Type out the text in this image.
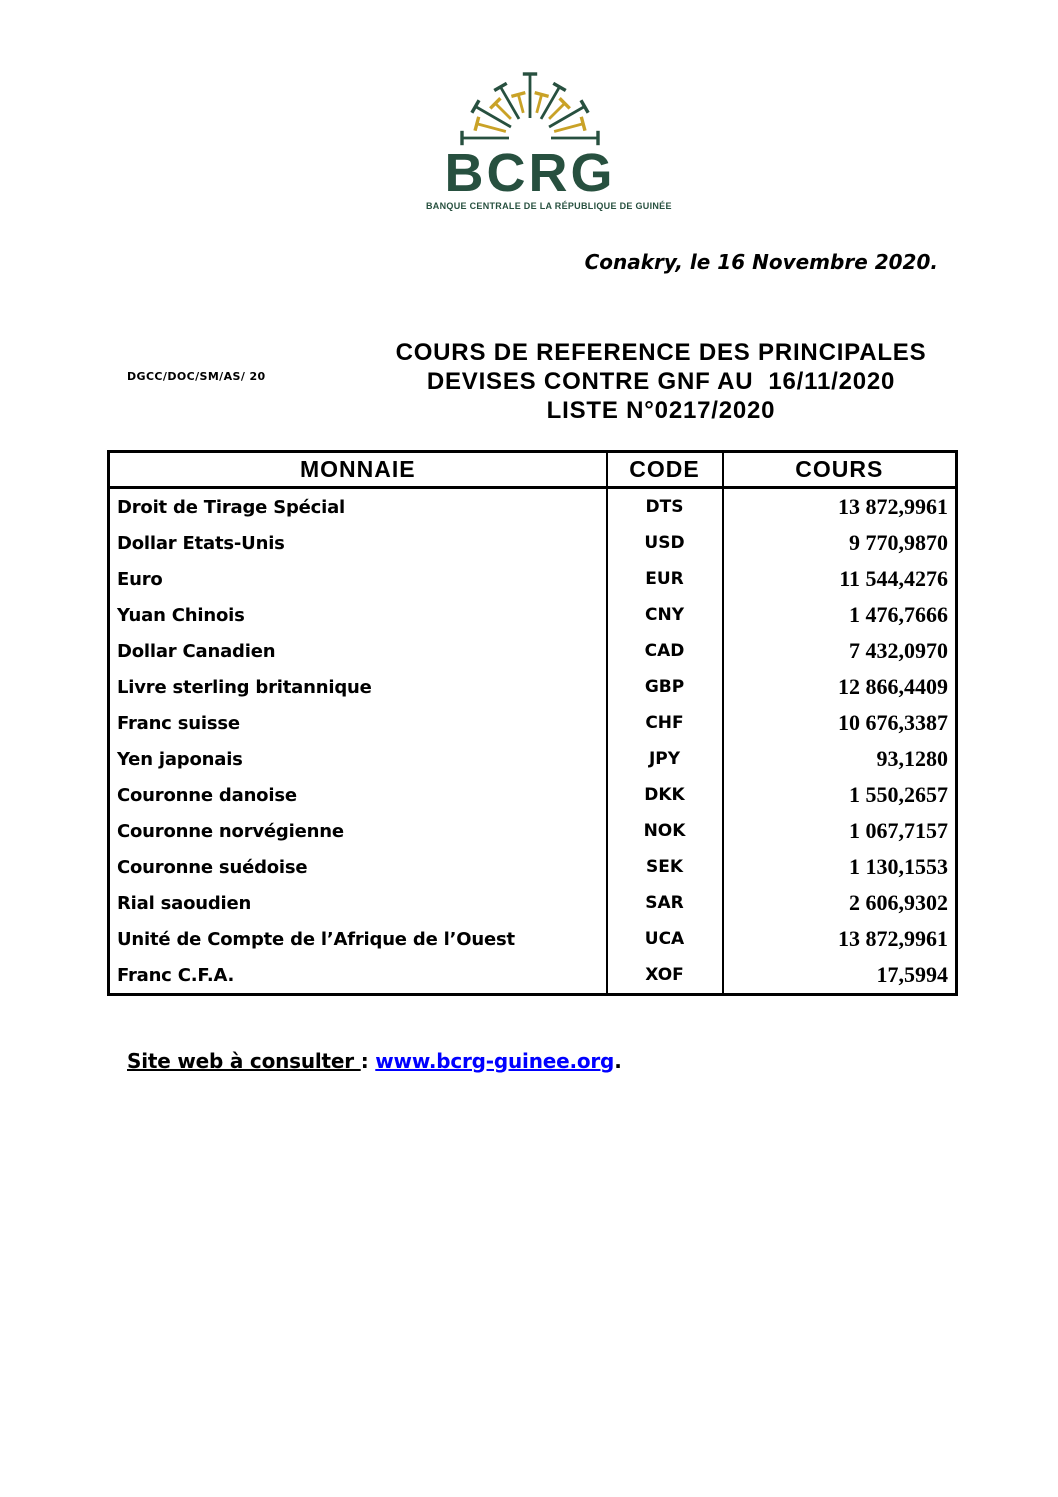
BCRG
BANQUE CENTRALE DE LA RÉPUBLIQUE DE GUINÉE
Conakry, le 16 Novembre 2020.
DGCC/DOC/SM/AS/ 20
COURS DE REFERENCE DES PRINCIPALES
DEVISES CONTRE GNF AU  16/11/2020
LISTE N°0217/2020
MONNAIE	CODE	COURS
Droit de Tirage Spécial	DTS	13 872,9961
Dollar Etats-Unis	USD	9 770,9870
Euro	EUR	11 544,4276
Yuan Chinois	CNY	1 476,7666
Dollar Canadien	CAD	7 432,0970
Livre sterling britannique	GBP	12 866,4409
Franc suisse	CHF	10 676,3387
Yen japonais	JPY	93,1280
Couronne danoise	DKK	1 550,2657
Couronne norvégienne	NOK	1 067,7157
Couronne suédoise	SEK	1 130,1553
Rial saoudien	SAR	2 606,9302
Unité de Compte de l’Afrique de l’Ouest	UCA	13 872,9961
Franc C.F.A.	XOF	17,5994
Site web à consulter : www.bcrg-guinee.org.
